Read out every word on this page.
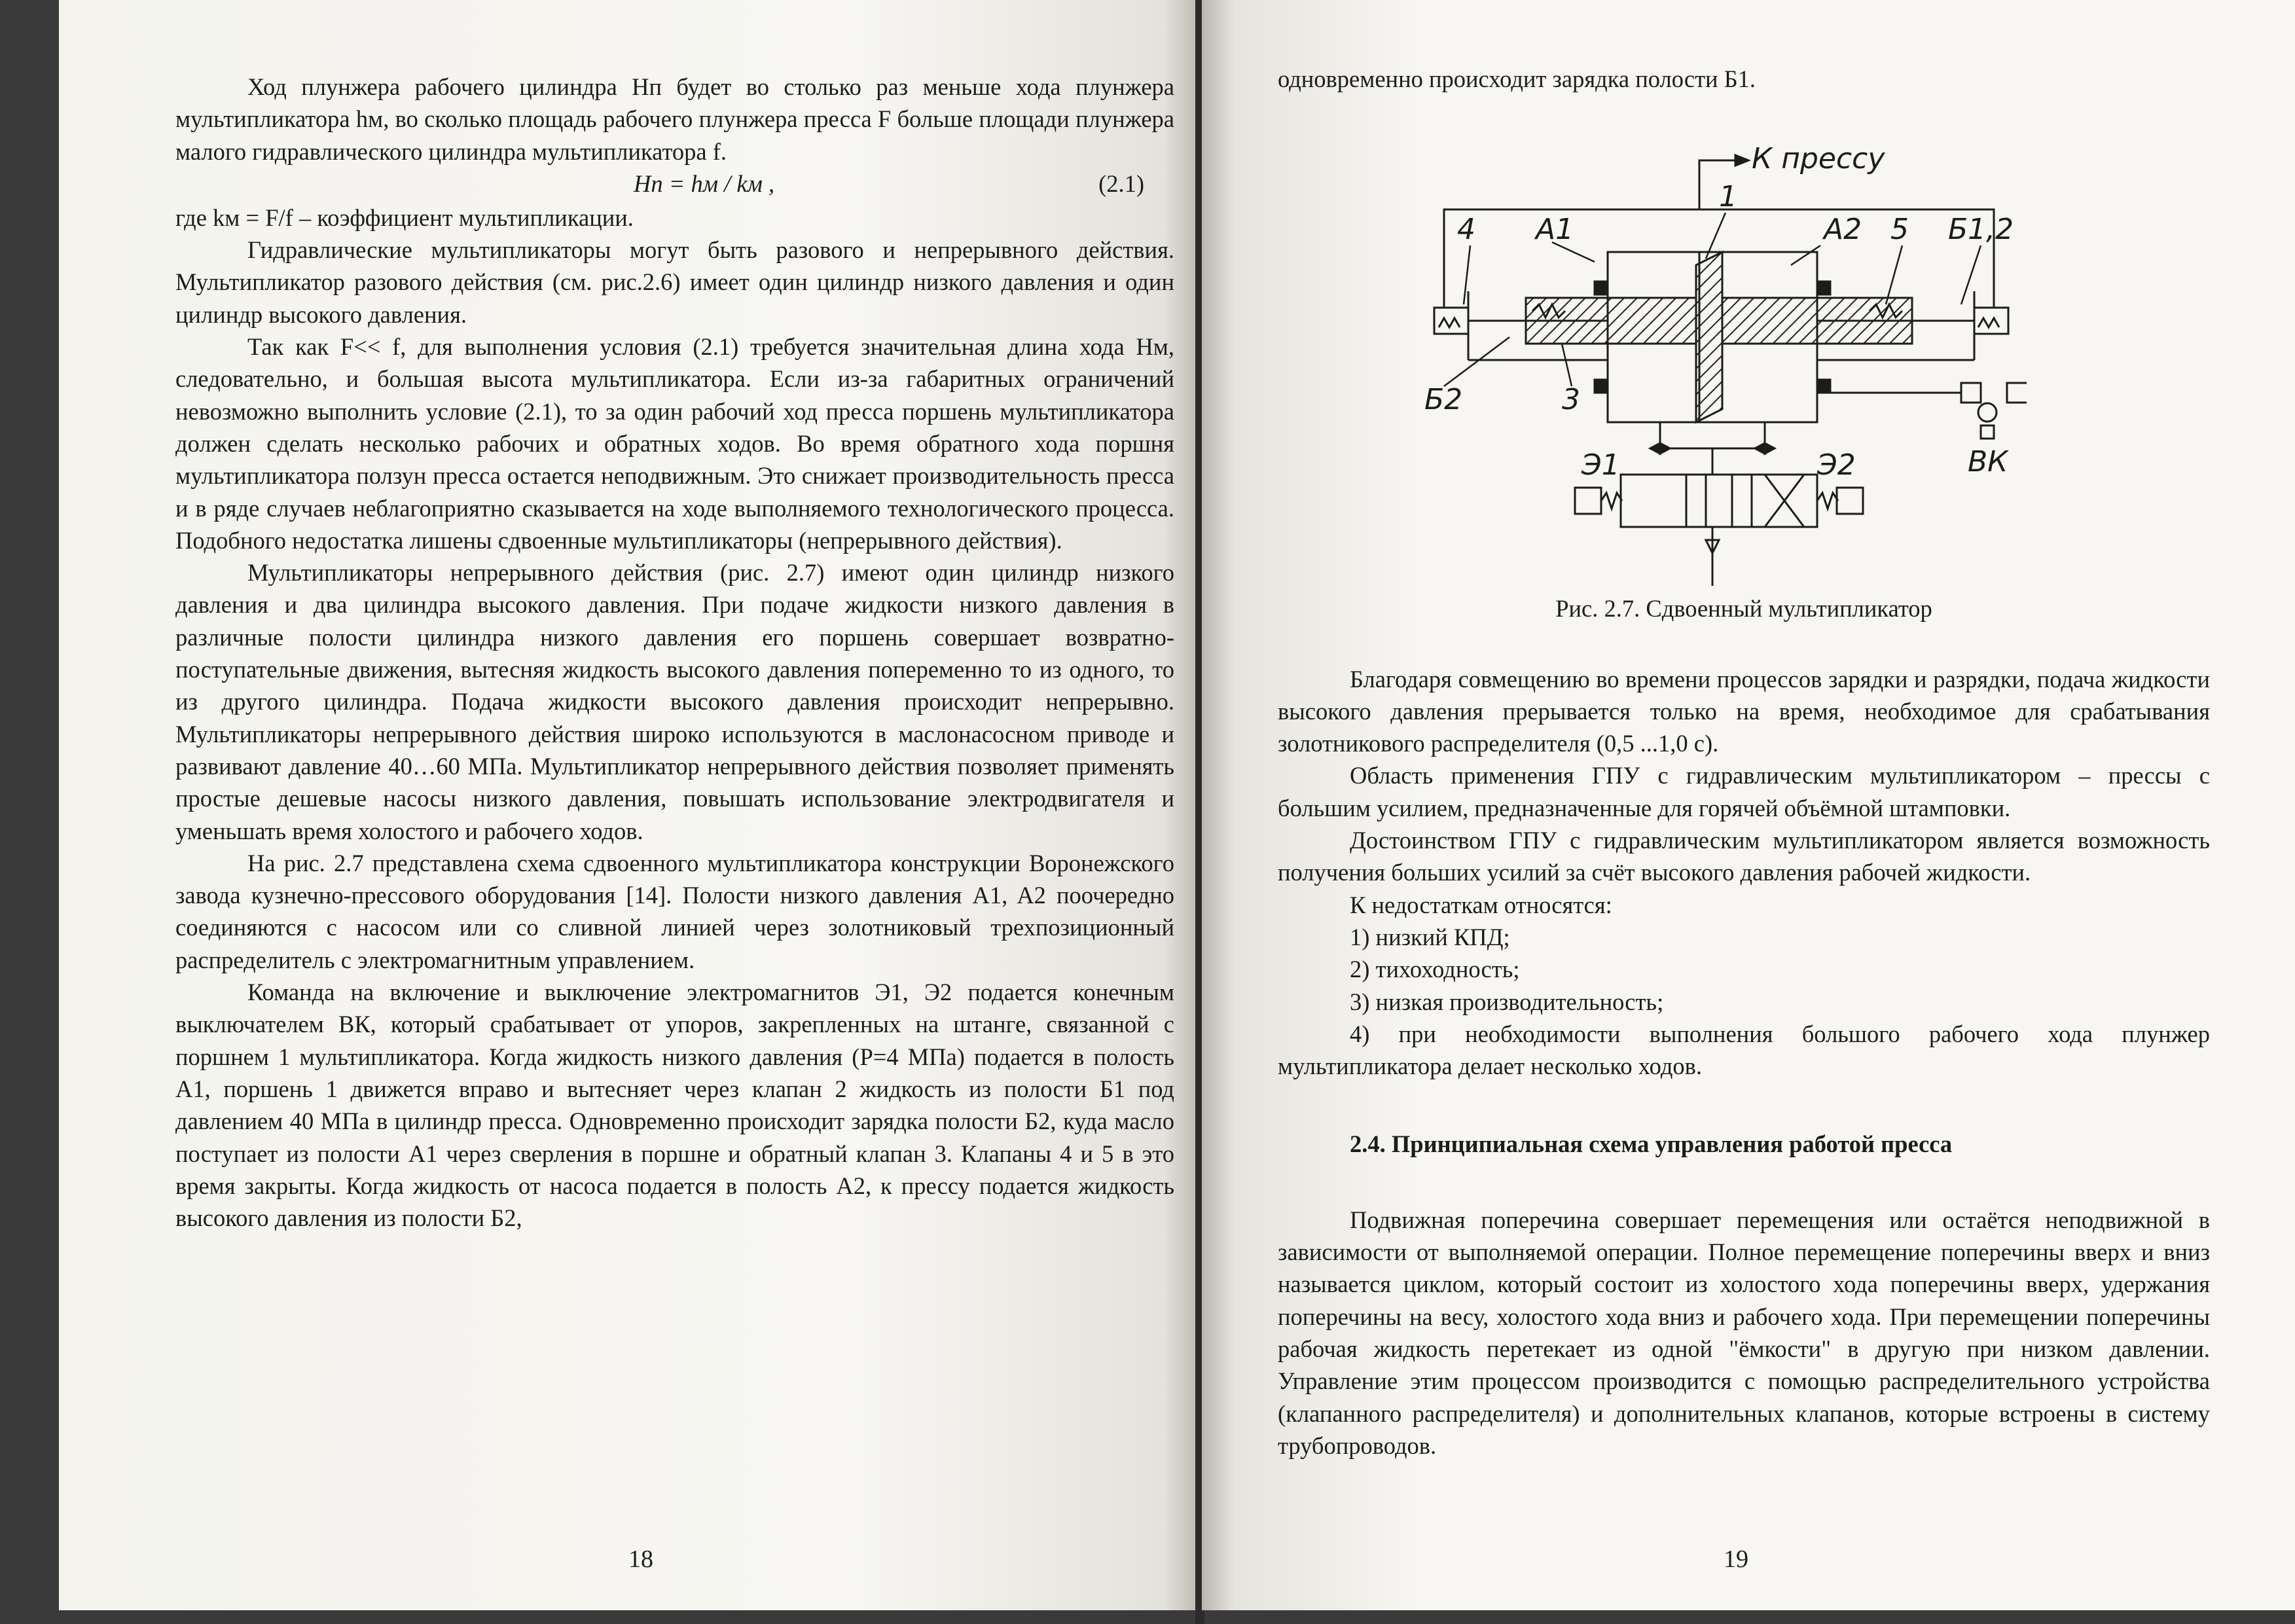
Ход плунжера рабочего цилиндра Hп будет во столько раз меньше хода плунжера мультипликатора hм, во сколько площадь рабочего плунжера пресса F больше площади плунжера малого гидравлического цилиндра мультипликатора f.

Hп = hм / kм ,	(2.1)

где kм = F/f – коэффициент мультипликации.

Гидравлические мультипликаторы могут быть разового и непрерывного действия. Мультипликатор разового действия (см. рис.2.6) имеет один цилиндр низкого давления и один цилиндр высокого давления.

Так как F<< f, для выполнения условия (2.1) требуется значительная длина хода Hм, следовательно, и большая высота мультипликатора. Если из-за габаритных ограничений невозможно выполнить условие (2.1), то за один рабочий ход пресса поршень мультипликатора должен сделать несколько рабочих и обратных ходов. Во время обратного хода поршня мультипликатора ползун пресса остается неподвижным. Это снижает производительность пресса и в ряде случаев неблагоприятно сказывается на ходе выполняемого технологического процесса. Подобного недостатка лишены сдвоенные мультипликаторы (непрерывного действия).

Мультипликаторы непрерывного действия (рис. 2.7) имеют один цилиндр низкого давления и два цилиндра высокого давления. При подаче жидкости низкого давления в различные полости цилиндра низкого давления его поршень совершает возвратно-поступательные движения, вытесняя жидкость высокого давления попеременно то из одного, то из другого цилиндра. Подача жидкости высокого давления происходит непрерывно. Мультипликаторы непрерывного действия широко используются в маслонасосном приводе и развивают давление 40…60 МПа. Мультипликатор непрерывного действия позволяет применять простые дешевые насосы низкого давления, повышать использование электродвигателя и уменьшать время холостого и рабочего ходов.

На рис. 2.7 представлена схема сдвоенного мультипликатора конструкции Воронежского завода кузнечно-прессового оборудования [14]. Полости низкого давления A1, A2 поочередно соединяются с насосом или со сливной линией через золотниковый трехпозиционный распределитель с электромагнитным управлением.

Команда на включение и выключение электромагнитов Э1, Э2 подается конечным выключателем ВК, который срабатывает от упоров, закрепленных на штанге, связанной с поршнем 1 мультипликатора. Когда жидкость низкого давления (P=4 МПа) подается в полость A1, поршень 1 движется вправо и вытесняет через клапан 2 жидкость из полости Б1 под давлением 40 МПа в цилиндр пресса. Одновременно происходит зарядка полости Б2, куда масло поступает из полости A1 через сверления в поршне и обратный клапан 3. Клапаны 4 и 5 в это время закрыты. Когда жидкость от насоса подается в полость A2, к прессу подается жидкость высокого давления из полости Б2,

18

одновременно происходит зарядка полости Б1.

К прессу
1
A1	A2 5 Б1,2
4
Б2	3
Э1	Э2	ВК

Рис. 2.7. Сдвоенный мультипликатор

Благодаря совмещению во времени процессов зарядки и разрядки, подача жидкости высокого давления прерывается только на время, необходимое для срабатывания золотникового распределителя (0,5 ...1,0 с).

Область применения ГПУ с гидравлическим мультипликатором – прессы с большим усилием, предназначенные для горячей объёмной штамповки.

Достоинством ГПУ с гидравлическим мультипликатором является возможность получения больших усилий за счёт высокого давления рабочей жидкости.

К недостаткам относятся:

1) низкий КПД;

2) тихоходность;

3) низкая производительность;

4) при необходимости выполнения большого рабочего хода плунжер мультипликатора делает несколько ходов.

2.4. Принципиальная схема управления работой пресса

Подвижная поперечина совершает перемещения или остаётся неподвижной в зависимости от выполняемой операции. Полное перемещение поперечины вверх и вниз называется циклом, который состоит из холостого хода поперечины вверх, удержания поперечины на весу, холостого хода вниз и рабочего хода. При перемещении поперечины рабочая жидкость перетекает из одной "ёмкости" в другую при низком давлении. Управление этим процессом производится с помощью распределительного устройства (клапанного распределителя) и дополнительных клапанов, которые встроены в систему трубопроводов.

19
